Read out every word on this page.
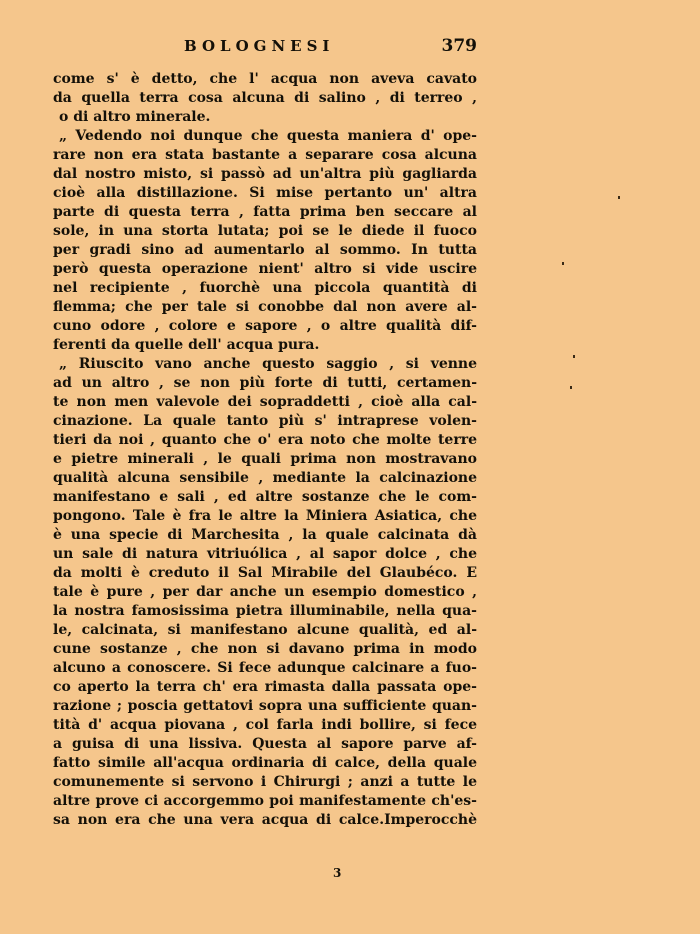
BOLOGNESI	379
come s' è detto, che l' acqua non aveva cavato
da quella terra cosa alcuna di salino , di terreo ,
o di altro minerale.
„ Vedendo noi dunque che questa maniera d' ope-
rare non era stata bastante a separare cosa alcuna
dal nostro misto, si passò ad un'altra più gagliarda
cioè alla distillazione. Si mise pertanto un' altra
parte di questa terra , fatta prima ben seccare al
sole, in una storta lutata; poi se le diede il fuoco
per gradi sino ad aumentarlo al sommo. In tutta
però questa operazione nient' altro si vide uscire
nel recipiente , fuorchè una piccola quantità di
flemma; che per tale si conobbe dal non avere al-
cuno odore , colore e sapore , o altre qualità dif-
ferenti da quelle dell' acqua pura.
„ Riuscito vano anche questo saggio , si venne
ad un altro , se non più forte di tutti, certamen-
te non men valevole dei sopraddetti , cioè alla cal-
cinazione. La quale tanto più s' intraprese volen-
tieri da noi , quanto che o' era noto che molte terre
e pietre minerali , le quali prima non mostravano
qualità alcuna sensibile , mediante la calcinazione
manifestano e sali , ed altre sostanze che le com-
pongono. Tale è fra le altre la Miniera Asiatica, che
è una specie di Marchesita , la quale calcinata dà
un sale di natura vitriuólica , al sapor dolce , che
da molti è creduto il Sal Mirabile del Glaubéco. E
tale è pure , per dar anche un esempio domestico ,
la nostra famosissima pietra illuminabile, nella qua-
le, calcinata, si manifestano alcune qualità, ed al-
cune sostanze , che non si davano prima in modo
alcuno a conoscere. Si fece adunque calcinare a fuo-
co aperto la terra ch' era rimasta dalla passata ope-
razione ; poscia gettatovi sopra una sufficiente quan-
tità d' acqua piovana , col farla indi bollire, si fece
a guisa di una lissiva. Questa al sapore parve af-
fatto simile all'acqua ordinaria di calce, della quale
comunemente si servono i Chirurgi ; anzi a tutte le
altre prove ci accorgemmo poi manifestamente ch'es-
sa non era che una vera acqua di calce.Imperocchè
3
